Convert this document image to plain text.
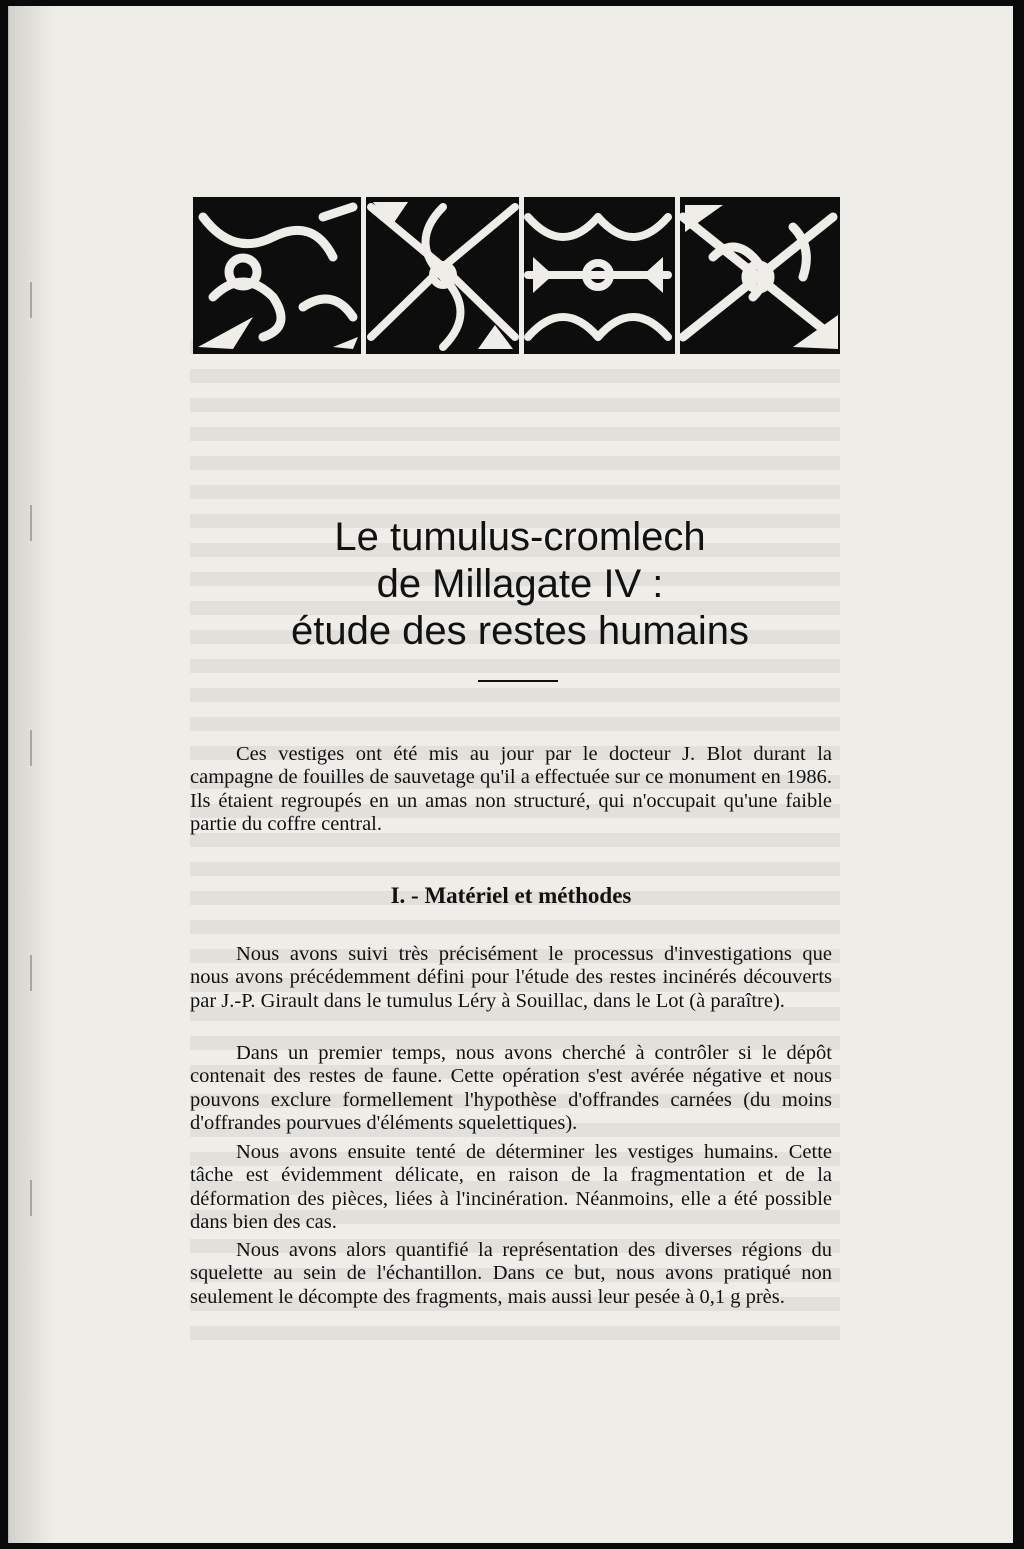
Le tumulus-cromlech
de Millagate IV :
étude des restes humains

Ces vestiges ont été mis au jour par le docteur J. Blot durant la campagne de fouilles de sauvetage qu'il a effectuée sur ce monument en 1986. Ils étaient regroupés en un amas non structuré, qui n'occupait qu'une faible partie du coffre central.

I. - Matériel et méthodes

Nous avons suivi très précisément le processus d'investigations que nous avons précédemment défini pour l'étude des restes incinérés découverts par J.-P. Girault dans le tumulus Léry à Souillac, dans le Lot (à paraître).

Dans un premier temps, nous avons cherché à contrôler si le dépôt contenait des restes de faune. Cette opération s'est avérée négative et nous pouvons exclure formellement l'hypothèse d'offrandes carnées (du moins d'offrandes pourvues d'éléments squelettiques).

Nous avons ensuite tenté de déterminer les vestiges humains. Cette tâche est évidemment délicate, en raison de la fragmentation et de la déformation des pièces, liées à l'incinération. Néanmoins, elle a été possible dans bien des cas.

Nous avons alors quantifié la représentation des diverses régions du squelette au sein de l'échantillon. Dans ce but, nous avons pratiqué non seulement le décompte des fragments, mais aussi leur pesée à 0,1 g près.
